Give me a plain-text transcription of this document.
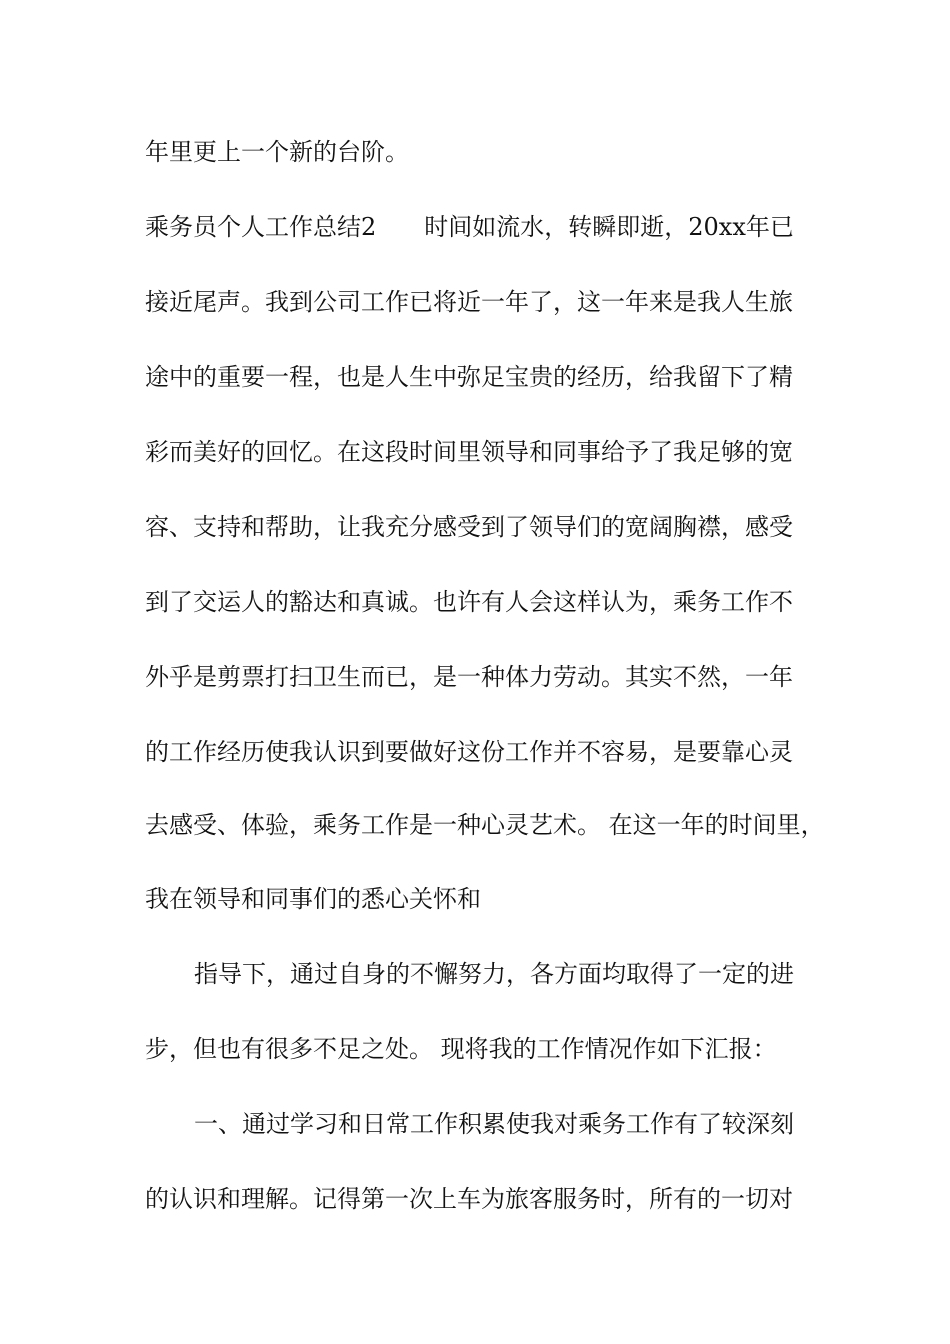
年里更上一个新的台阶。
乘务员个人工作总结2　　时间如流水，转瞬即逝，20xx年已
接近尾声。我到公司工作已将近一年了，这一年来是我人生旅
途中的重要一程，也是人生中弥足宝贵的经历，给我留下了精
彩而美好的回忆。在这段时间里领导和同事给予了我足够的宽
容、支持和帮助，让我充分感受到了领导们的宽阔胸襟，感受
到了交运人的豁达和真诚。也许有人会这样认为，乘务工作不
外乎是剪票打扫卫生而已，是一种体力劳动。其实不然，一年
的工作经历使我认识到要做好这份工作并不容易，是要靠心灵
去感受、体验，乘务工作是一种心灵艺术。 在这一年的时间里，
我在领导和同事们的悉心关怀和
指导下，通过自身的不懈努力，各方面均取得了一定的进
步，但也有很多不足之处。 现将我的工作情况作如下汇报：
一、通过学习和日常工作积累使我对乘务工作有了较深刻
的认识和理解。记得第一次上车为旅客服务时，所有的一切对
